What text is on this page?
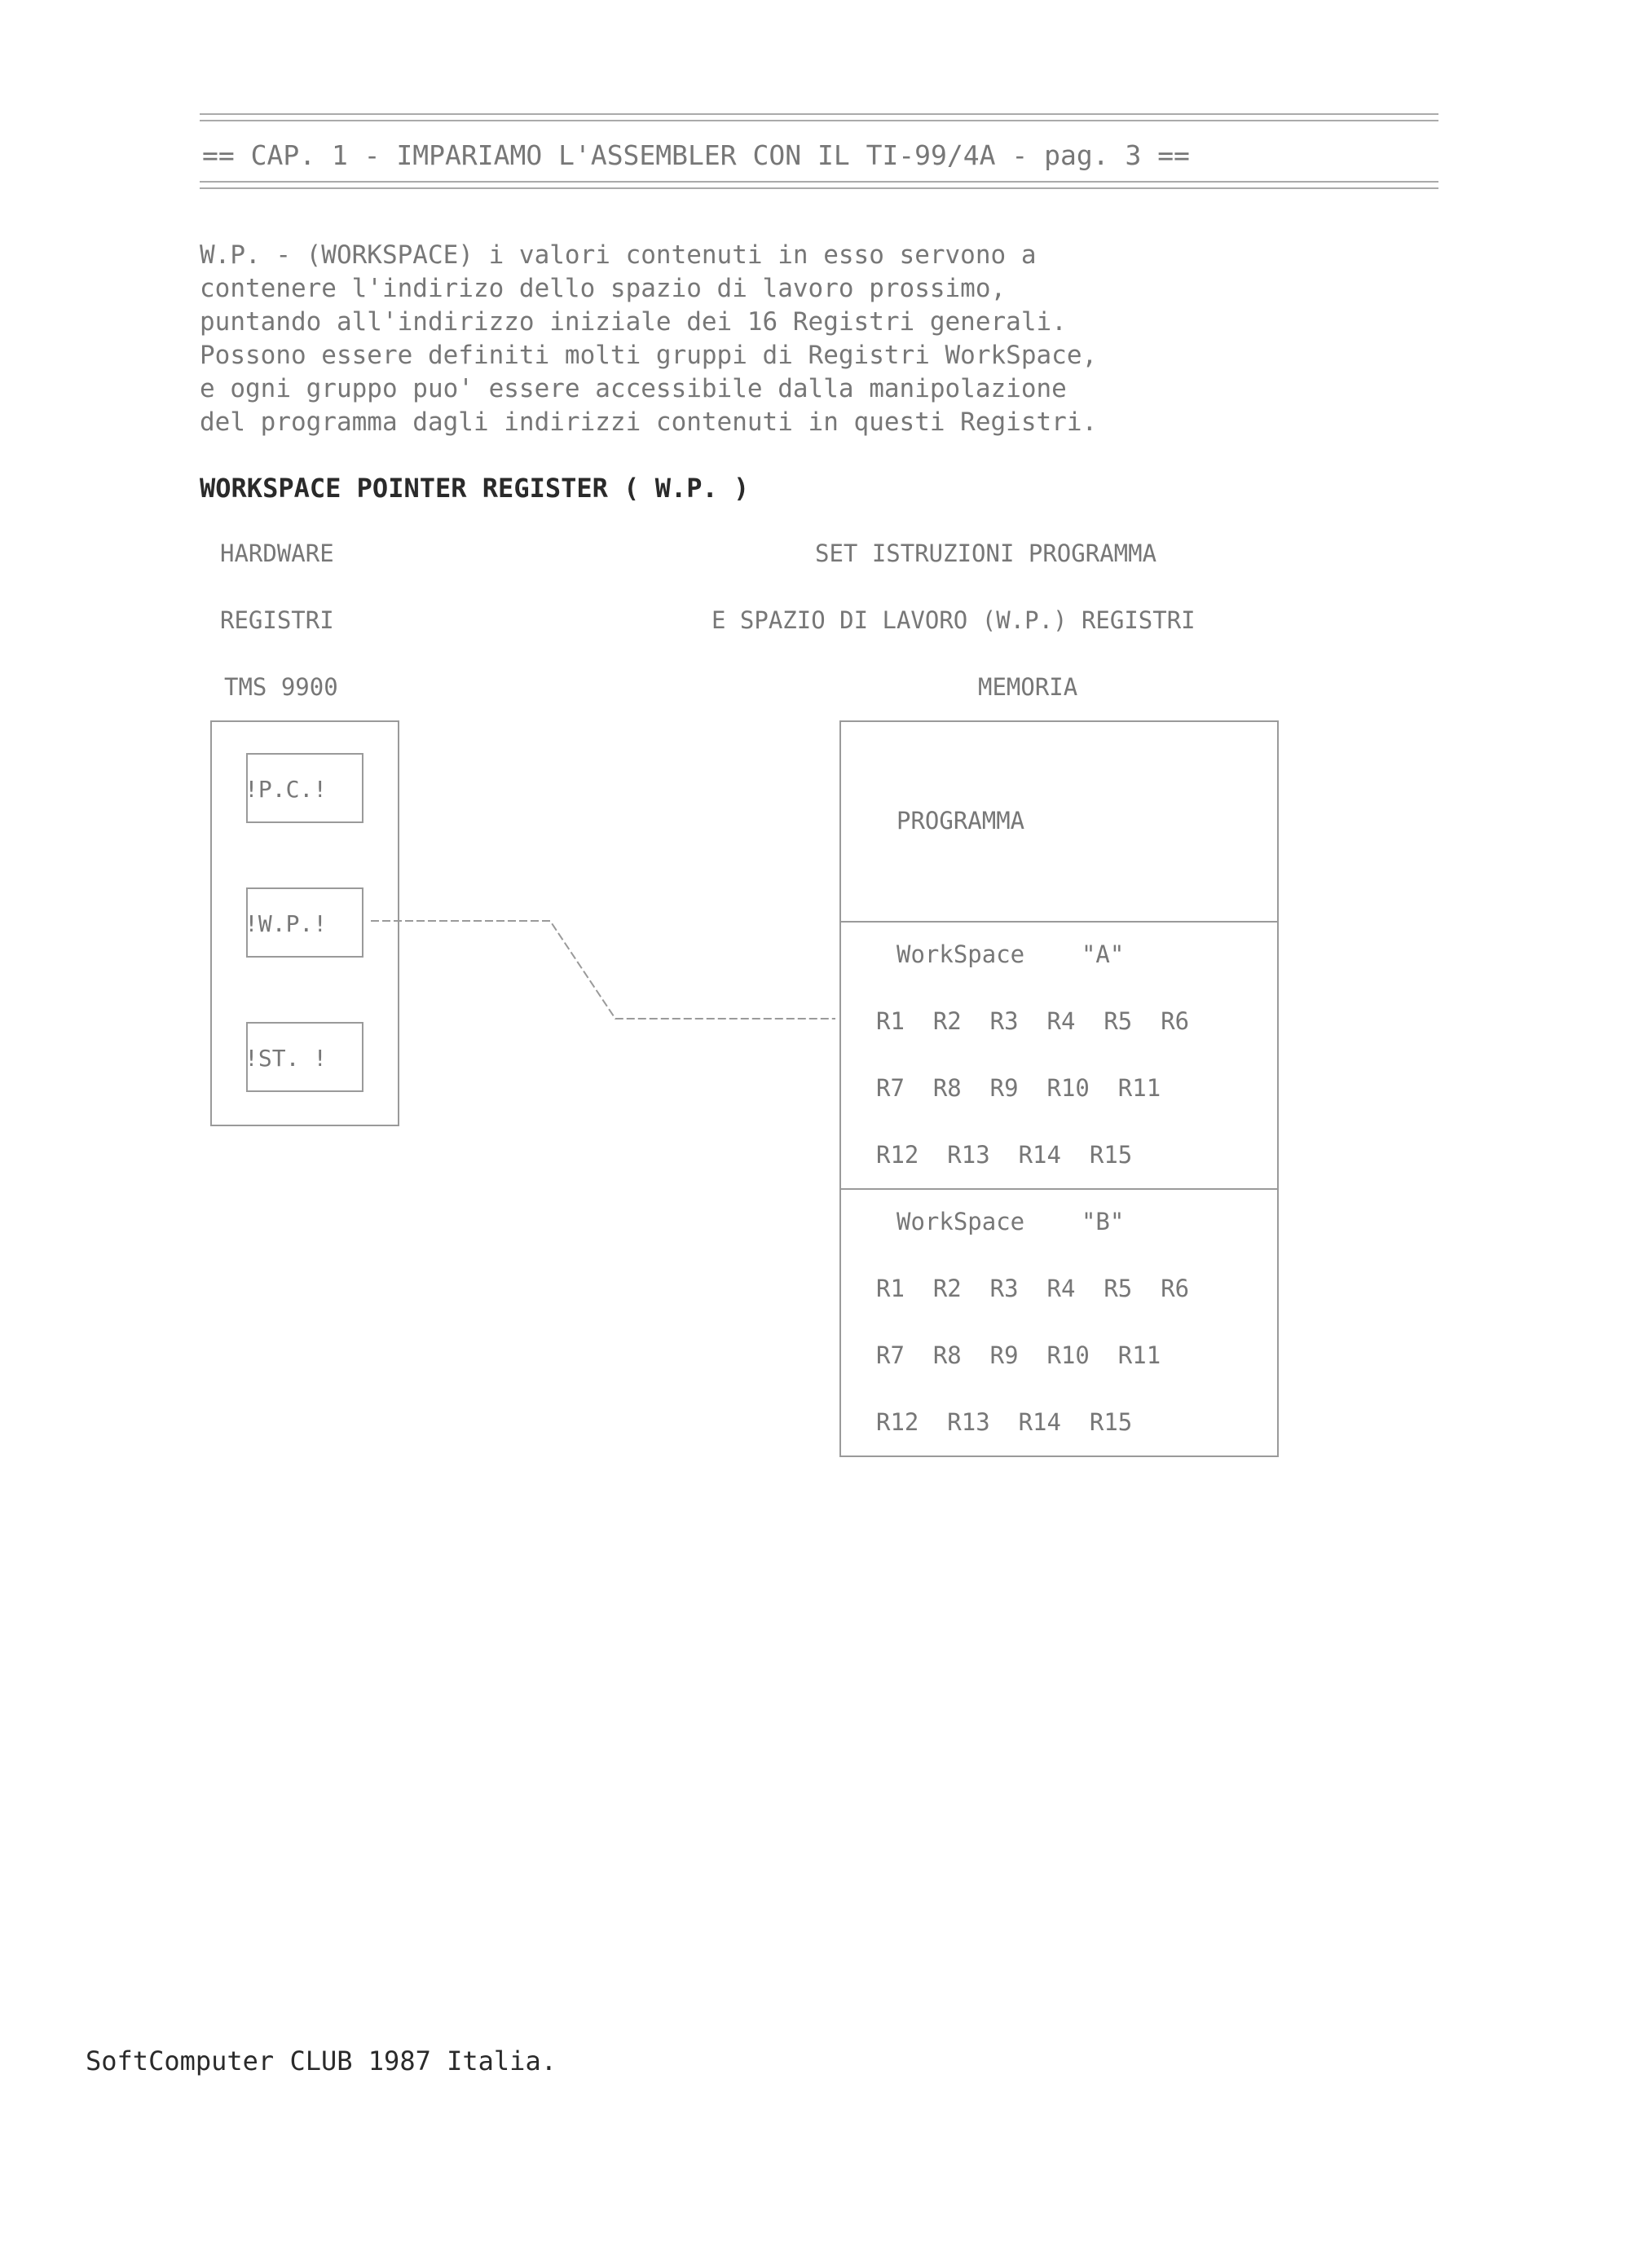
== CAP. 1 - IMPARIAMO L'ASSEMBLER CON IL TI-99/4A - pag. 3 ==
W.P. - (WORKSPACE) i valori contenuti in esso servono a
contenere l'indirizo dello spazio di lavoro prossimo,
puntando all'indirizzo iniziale dei 16 Registri generali.
Possono essere definiti molti gruppi di Registri WorkSpace,
e ogni gruppo puo' essere accessibile dalla manipolazione
del programma dagli indirizzi contenuti in questi Registri.
WORKSPACE POINTER REGISTER ( W.P. )
HARDWARE
REGISTRI
TMS 9900
SET ISTRUZIONI PROGRAMMA
E SPAZIO DI LAVORO (W.P.) REGISTRI
MEMORIA
!P.C.!
!W.P.!
!ST. !
PROGRAMMA
WorkSpace    "A"
R1  R2  R3  R4  R5  R6
R7  R8  R9  R10  R11
R12  R13  R14  R15
WorkSpace    "B"
R1  R2  R3  R4  R5  R6
R7  R8  R9  R10  R11
R12  R13  R14  R15
SoftComputer CLUB 1987 Italia.
